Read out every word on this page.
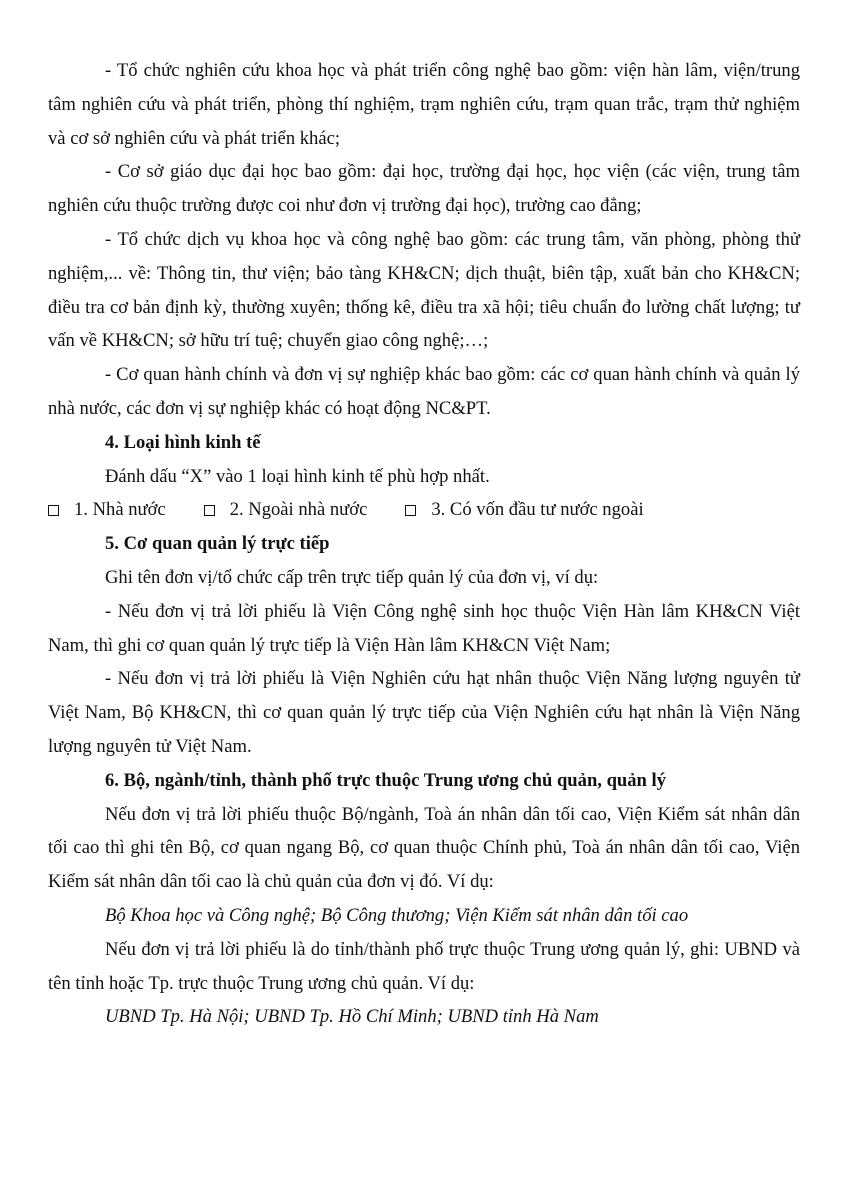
- Tổ chức nghiên cứu khoa học và phát triển công nghệ bao gồm: viện hàn lâm, viện/trung tâm nghiên cứu và phát triển, phòng thí nghiệm, trạm nghiên cứu, trạm quan trắc, trạm thử nghiệm và cơ sở nghiên cứu và phát triển khác;

- Cơ sở giáo dục đại học bao gồm: đại học, trường đại học, học viện (các viện, trung tâm nghiên cứu thuộc trường được coi như đơn vị trường đại học), trường cao đẳng;

- Tổ chức dịch vụ khoa học và công nghệ bao gồm: các trung tâm, văn phòng, phòng thử nghiệm,... về: Thông tin, thư viện; bảo tàng KH&CN; dịch thuật, biên tập, xuất bản cho KH&CN; điều tra cơ bản định kỳ, thường xuyên; thống kê, điều tra xã hội; tiêu chuẩn đo lường chất lượng; tư vấn về KH&CN; sở hữu trí tuệ; chuyển giao công nghệ;…;

- Cơ quan hành chính và đơn vị sự nghiệp khác bao gồm: các cơ quan hành chính và quản lý nhà nước, các đơn vị sự nghiệp khác có hoạt động NC&PT.

4. Loại hình kinh tế

Đánh dấu “X” vào 1 loại hình kinh tế phù hợp nhất.

1. Nhà nước	2. Ngoài nhà nước	3. Có vốn đầu tư nước ngoài

5. Cơ quan quản lý trực tiếp

Ghi tên đơn vị/tổ chức cấp trên trực tiếp quản lý của đơn vị, ví dụ:

- Nếu đơn vị trả lời phiếu là Viện Công nghệ sinh học thuộc Viện Hàn lâm KH&CN Việt Nam, thì ghi cơ quan quản lý trực tiếp là Viện Hàn lâm KH&CN Việt Nam;

- Nếu đơn vị trả lời phiếu là Viện Nghiên cứu hạt nhân thuộc Viện Năng lượng nguyên tử Việt Nam, Bộ KH&CN, thì cơ quan quản lý trực tiếp của Viện Nghiên cứu hạt nhân là Viện Năng lượng nguyên tử Việt Nam.

6. Bộ, ngành/tỉnh, thành phố trực thuộc Trung ương chủ quản, quản lý

Nếu đơn vị trả lời phiếu thuộc Bộ/ngành, Toà án nhân dân tối cao, Viện Kiểm sát nhân dân tối cao thì ghi tên Bộ, cơ quan ngang Bộ, cơ quan thuộc Chính phủ, Toà án nhân dân tối cao, Viện Kiểm sát nhân dân tối cao là chủ quản của đơn vị đó. Ví dụ:

Bộ Khoa học và Công nghệ; Bộ Công thương; Viện Kiểm sát nhân dân tối cao

Nếu đơn vị trả lời phiếu là do tỉnh/thành phố trực thuộc Trung ương quản lý, ghi: UBND và tên tỉnh hoặc Tp. trực thuộc Trung ương chủ quản. Ví dụ:

UBND Tp. Hà Nội; UBND Tp. Hồ Chí Minh; UBND tỉnh Hà Nam
